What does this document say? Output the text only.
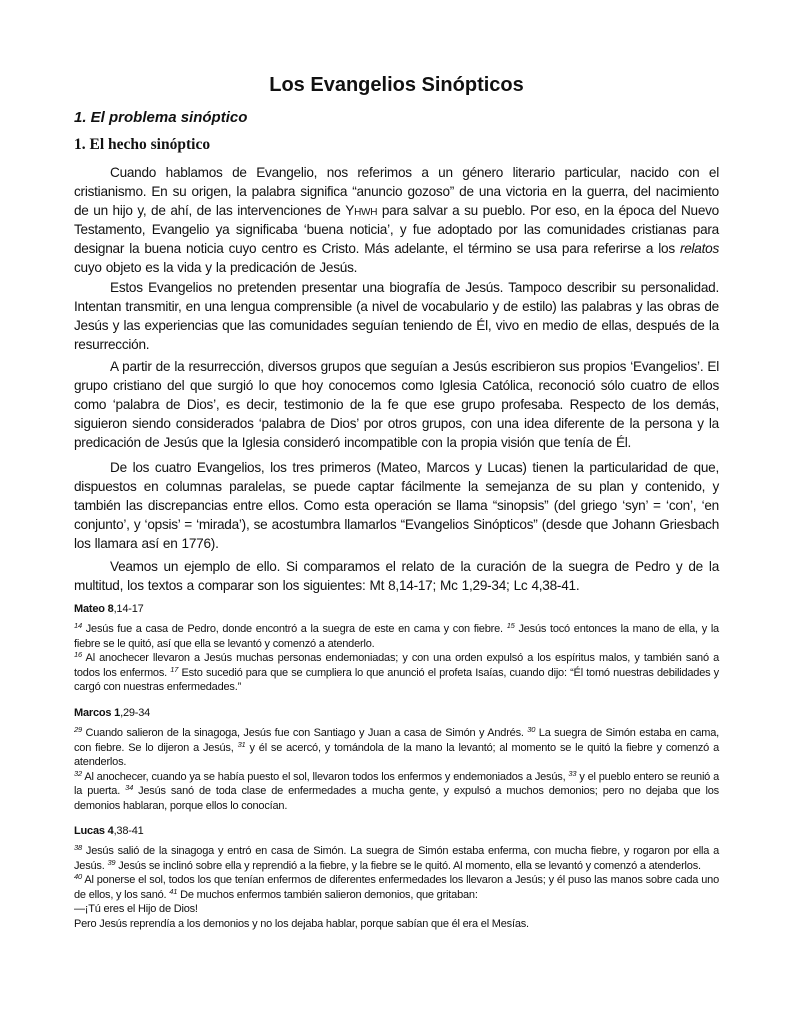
Los Evangelios Sinópticos
1. El problema sinóptico
1. El hecho sinóptico

Cuando hablamos de Evangelio, nos referimos a un género literario particular, nacido con el cristianismo. En su origen, la palabra significa “anuncio gozoso” de una victoria en la guerra, del nacimiento de un hijo y, de ahí, de las intervenciones de Yhwh para salvar a su pueblo. Por eso, en la época del Nuevo Testamento, Evangelio ya significaba ‘buena noticia’, y fue adoptado por las comunidades cristianas para designar la buena noticia cuyo centro es Cristo. Más adelante, el término se usa para referirse a los relatos cuyo objeto es la vida y la predicación de Jesús.

Estos Evangelios no pretenden presentar una biografía de Jesús. Tampoco describir su personalidad. Intentan transmitir, en una lengua comprensible (a nivel de vocabulario y de estilo) las palabras y las obras de Jesús y las experiencias que las comunidades seguían teniendo de Él, vivo en medio de ellas, después de la resurrección.

A partir de la resurrección, diversos grupos que seguían a Jesús escribieron sus propios ‘Evangelios’. El grupo cristiano del que surgió lo que hoy conocemos como Iglesia Católica, reconoció sólo cuatro de ellos como ‘palabra de Dios’, es decir, testimonio de la fe que ese grupo profesaba. Respecto de los demás, siguieron siendo considerados ‘palabra de Dios’ por otros grupos, con una idea diferente de la persona y la predicación de Jesús que la Iglesia consideró incompatible con la propia visión que tenía de Él.

De los cuatro Evangelios, los tres primeros (Mateo, Marcos y Lucas) tienen la particularidad de que, dispuestos en columnas paralelas, se puede captar fácilmente la semejanza de su plan y contenido, y también las discrepancias entre ellos. Como esta operación se llama “sinopsis” (del griego ‘syn’ = ‘con’, ‘en conjunto’, y ‘opsis’ = ‘mirada’), se acostumbra llamarlos “Evangelios Sinópticos” (desde que Johann Griesbach los llamara así en 1776).

Veamos un ejemplo de ello. Si comparamos el relato de la curación de la suegra de Pedro y de la multitud, los textos a comparar son los siguientes: Mt 8,14-17; Mc 1,29-34; Lc 4,38-41.

Mateo 8,14-17
$^{14}$ Jesús fue a casa de Pedro, donde encontró a la suegra de este en cama y con fiebre. $^{15}$ Jesús tocó entonces la mano de ella, y la fiebre se le quitó, así que ella se levantó y comenzó a atenderlo.
$^{16}$ Al anochecer llevaron a Jesús muchas personas endemoniadas; y con una orden expulsó a los espíritus malos, y también sanó a todos los enfermos. $^{17}$ Esto sucedió para que se cumpliera lo que anunció el profeta Isaías, cuando dijo: “Él tomó nuestras debilidades y cargó con nuestras enfermedades.”
Marcos 1,29-34
$^{29}$ Cuando salieron de la sinagoga, Jesús fue con Santiago y Juan a casa de Simón y Andrés. $^{30}$ La suegra de Simón estaba en cama, con fiebre. Se lo dijeron a Jesús, $^{31}$ y él se acercó, y tomándola de la mano la levantó; al momento se le quitó la fiebre y comenzó a atenderlos.
$^{32}$ Al anochecer, cuando ya se había puesto el sol, llevaron todos los enfermos y endemoniados a Jesús, $^{33}$ y el pueblo entero se reunió a la puerta. $^{34}$ Jesús sanó de toda clase de enfermedades a mucha gente, y expulsó a muchos demonios; pero no dejaba que los demonios hablaran, porque ellos lo conocían.
Lucas 4,38-41
$^{38}$ Jesús salió de la sinagoga y entró en casa de Simón. La suegra de Simón estaba enferma, con mucha fiebre, y rogaron por ella a Jesús. $^{39}$ Jesús se inclinó sobre ella y reprendió a la fiebre, y la fiebre se le quitó. Al momento, ella se levantó y comenzó a atenderlos.
$^{40}$ Al ponerse el sol, todos los que tenían enfermos de diferentes enfermedades los llevaron a Jesús; y él puso las manos sobre cada uno de ellos, y los sanó. $^{41}$ De muchos enfermos también salieron demonios, que gritaban:
—¡Tú eres el Hijo de Dios!
Pero Jesús reprendía a los demonios y no los dejaba hablar, porque sabían que él era el Mesías.
